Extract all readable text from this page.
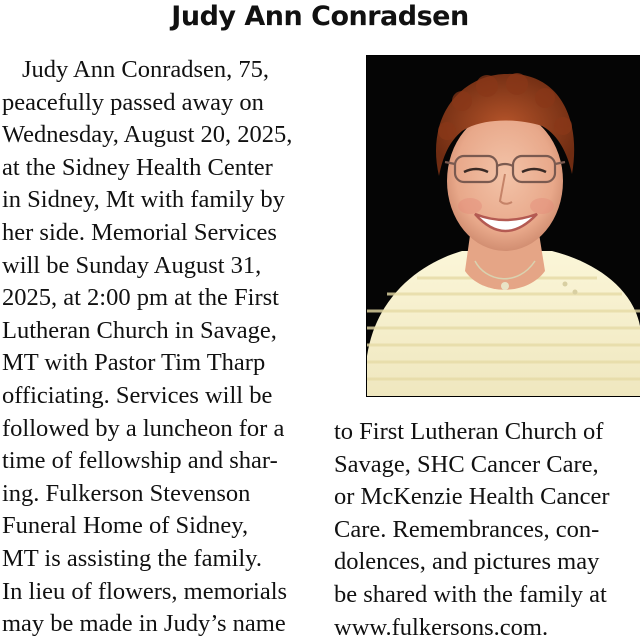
Judy Ann Conradsen
Judy Ann Conradsen, 75,
peacefully passed away on
Wednesday, August 20, 2025,
at the Sidney Health Center
in Sidney, Mt with family by
her side. Memorial Services
will be Sunday August 31,
2025, at 2:00 pm at the First
Lutheran Church in Savage,
MT with Pastor Tim Tharp
officiating. Services will be
followed by a luncheon for a
time of fellowship and shar-
ing. Fulkerson Stevenson
Funeral Home of Sidney,
MT is assisting the family.
In lieu of flowers, memorials
may be made in Judy’s name
to First Lutheran Church of
Savage, SHC Cancer Care,
or McKenzie Health Cancer
Care. Remembrances, con-
dolences, and pictures may
be shared with the family at
www.fulkersons.com.
